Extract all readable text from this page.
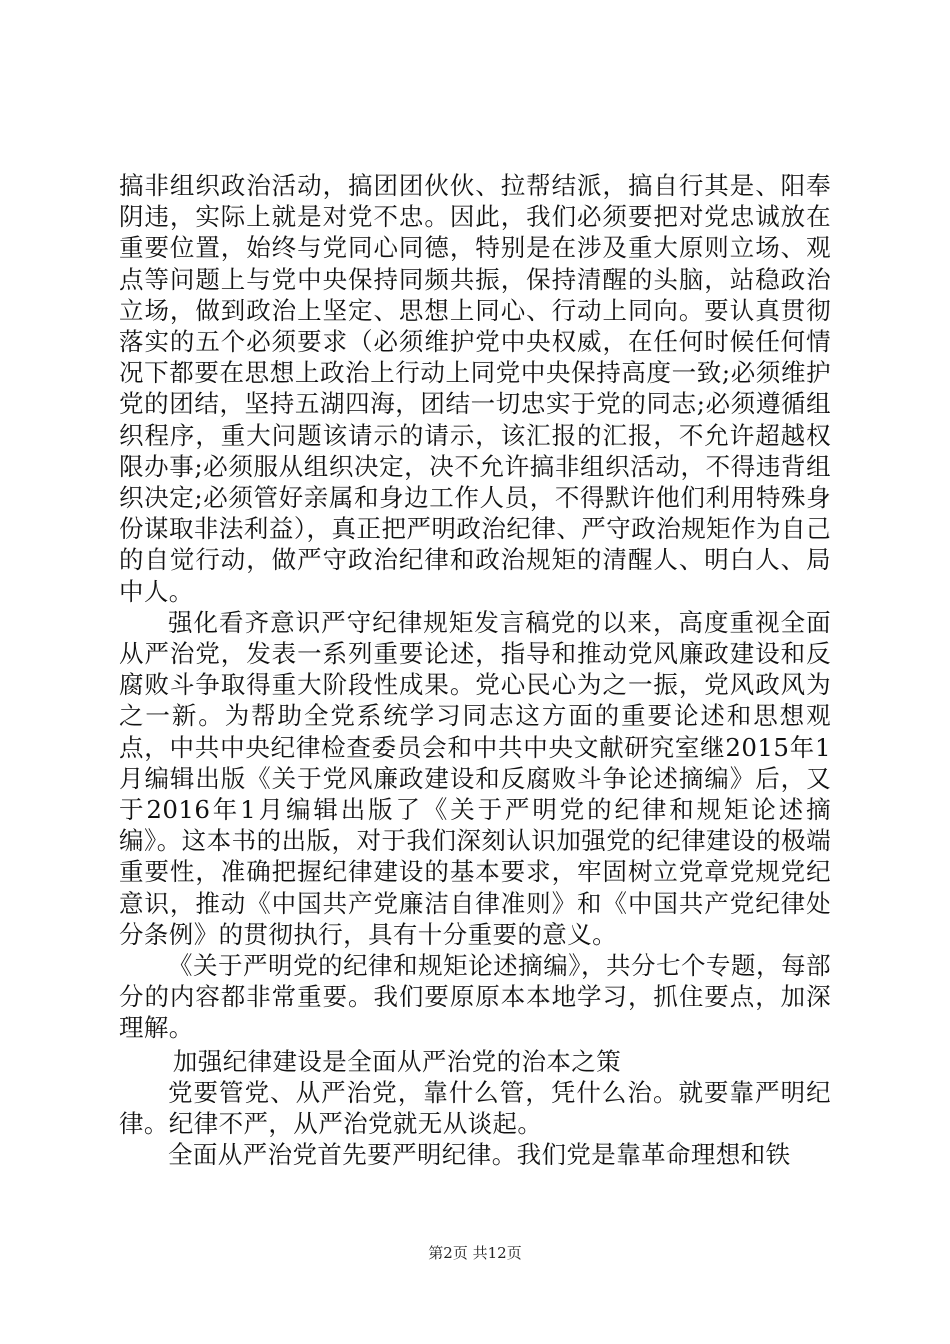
搞非组织政治活动，搞团团伙伙、拉帮结派，搞自行其是、阳奉阴违，实际上就是对党不忠。因此，我们必须要把对党忠诚放在重要位置，始终与党同心同德，特别是在涉及重大原则立场、观点等问题上与党中央保持同频共振，保持清醒的头脑，站稳政治立场，做到政治上坚定、思想上同心、行动上同向。要认真贯彻落实的五个必须要求（必须维护党中央权威，在任何时候任何情况下都要在思想上政治上行动上同党中央保持高度一致;必须维护党的团结，坚持五湖四海，团结一切忠实于党的同志;必须遵循组织程序，重大问题该请示的请示，该汇报的汇报，不允许超越权限办事;必须服从组织决定，决不允许搞非组织活动，不得违背组织决定;必须管好亲属和身边工作人员，不得默许他们利用特殊身份谋取非法利益），真正把严明政治纪律、严守政治规矩作为自己的自觉行动，做严守政治纪律和政治规矩的清醒人、明白人、局中人。

强化看齐意识严守纪律规矩发言稿党的以来，高度重视全面从严治党，发表一系列重要论述，指导和推动党风廉政建设和反腐败斗争取得重大阶段性成果。党心民心为之一振，党风政风为之一新。为帮助全党系统学习同志这方面的重要论述和思想观点，中共中央纪律检查委员会和中共中央文献研究室继2015年1月编辑出版《关于党风廉政建设和反腐败斗争论述摘编》后，又于2016年1月编辑出版了《关于严明党的纪律和规矩论述摘编》。这本书的出版，对于我们深刻认识加强党的纪律建设的极端重要性，准确把握纪律建设的基本要求，牢固树立党章党规党纪意识，推动《中国共产党廉洁自律准则》和《中国共产党纪律处分条例》的贯彻执行，具有十分重要的意义。

《关于严明党的纪律和规矩论述摘编》，共分七个专题，每部分的内容都非常重要。我们要原原本本地学习，抓住要点，加深理解。

加强纪律建设是全面从严治党的治本之策

党要管党、从严治党，靠什么管，凭什么治。就要靠严明纪律。纪律不严，从严治党就无从谈起。

全面从严治党首先要严明纪律。我们党是靠革命理想和铁

第2页 共12页
